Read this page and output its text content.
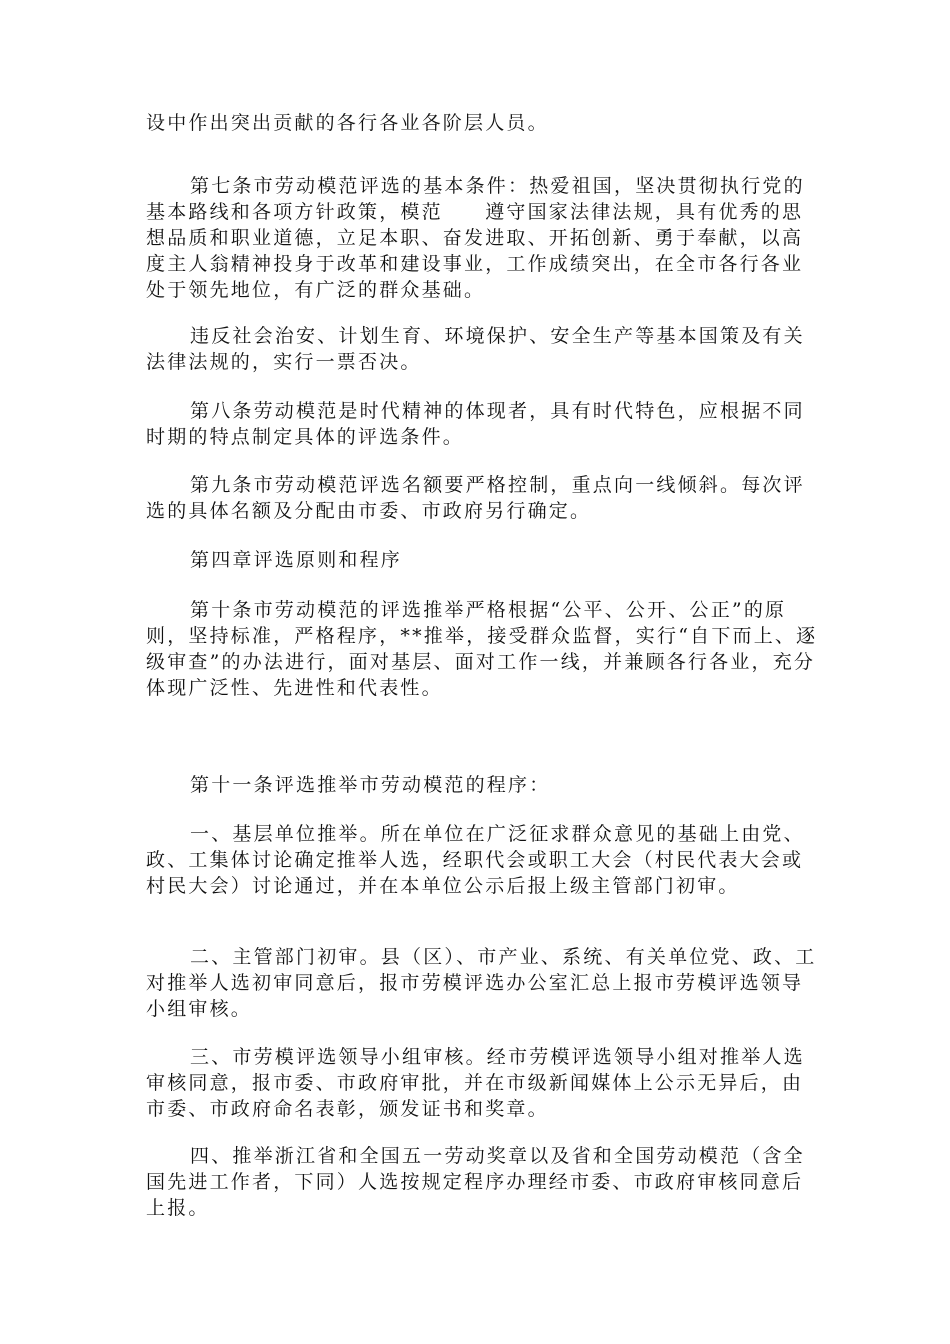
设中作出突出贡献的各行各业各阶层人员。

第七条市劳动模范评选的基本条件：热爱祖国，坚决贯彻执行党的基本路线和各项方针政策，模范　　遵守国家法律法规，具有优秀的思想品质和职业道德，立足本职、奋发进取、开拓创新、勇于奉献，以高度主人翁精神投身于改革和建设事业，工作成绩突出，在全市各行各业处于领先地位，有广泛的群众基础。

违反社会治安、计划生育、环境保护、安全生产等基本国策及有关法律法规的，实行一票否决。

第八条劳动模范是时代精神的体现者，具有时代特色，应根据不同时期的特点制定具体的评选条件。

第九条市劳动模范评选名额要严格控制，重点向一线倾斜。每次评选的具体名额及分配由市委、市政府另行确定。

第四章评选原则和程序

第十条市劳动模范的评选推举严格根据“公平、公开、公正”的原则，坚持标准，严格程序，**推举，接受群众监督，实行“自下而上、逐级审查”的办法进行，面对基层、面对工作一线，并兼顾各行各业，充分体现广泛性、先进性和代表性。

第十一条评选推举市劳动模范的程序：

一、基层单位推举。所在单位在广泛征求群众意见的基础上由党、政、工集体讨论确定推举人选，经职代会或职工大会（村民代表大会或村民大会）讨论通过，并在本单位公示后报上级主管部门初审。

二、主管部门初审。县（区）、市产业、系统、有关单位党、政、工对推举人选初审同意后，报市劳模评选办公室汇总上报市劳模评选领导小组审核。

三、市劳模评选领导小组审核。经市劳模评选领导小组对推举人选审核同意，报市委、市政府审批，并在市级新闻媒体上公示无异后，由市委、市政府命名表彰，颁发证书和奖章。

四、推举浙江省和全国五一劳动奖章以及省和全国劳动模范（含全国先进工作者，下同）人选按规定程序办理经市委、市政府审核同意后上报。
